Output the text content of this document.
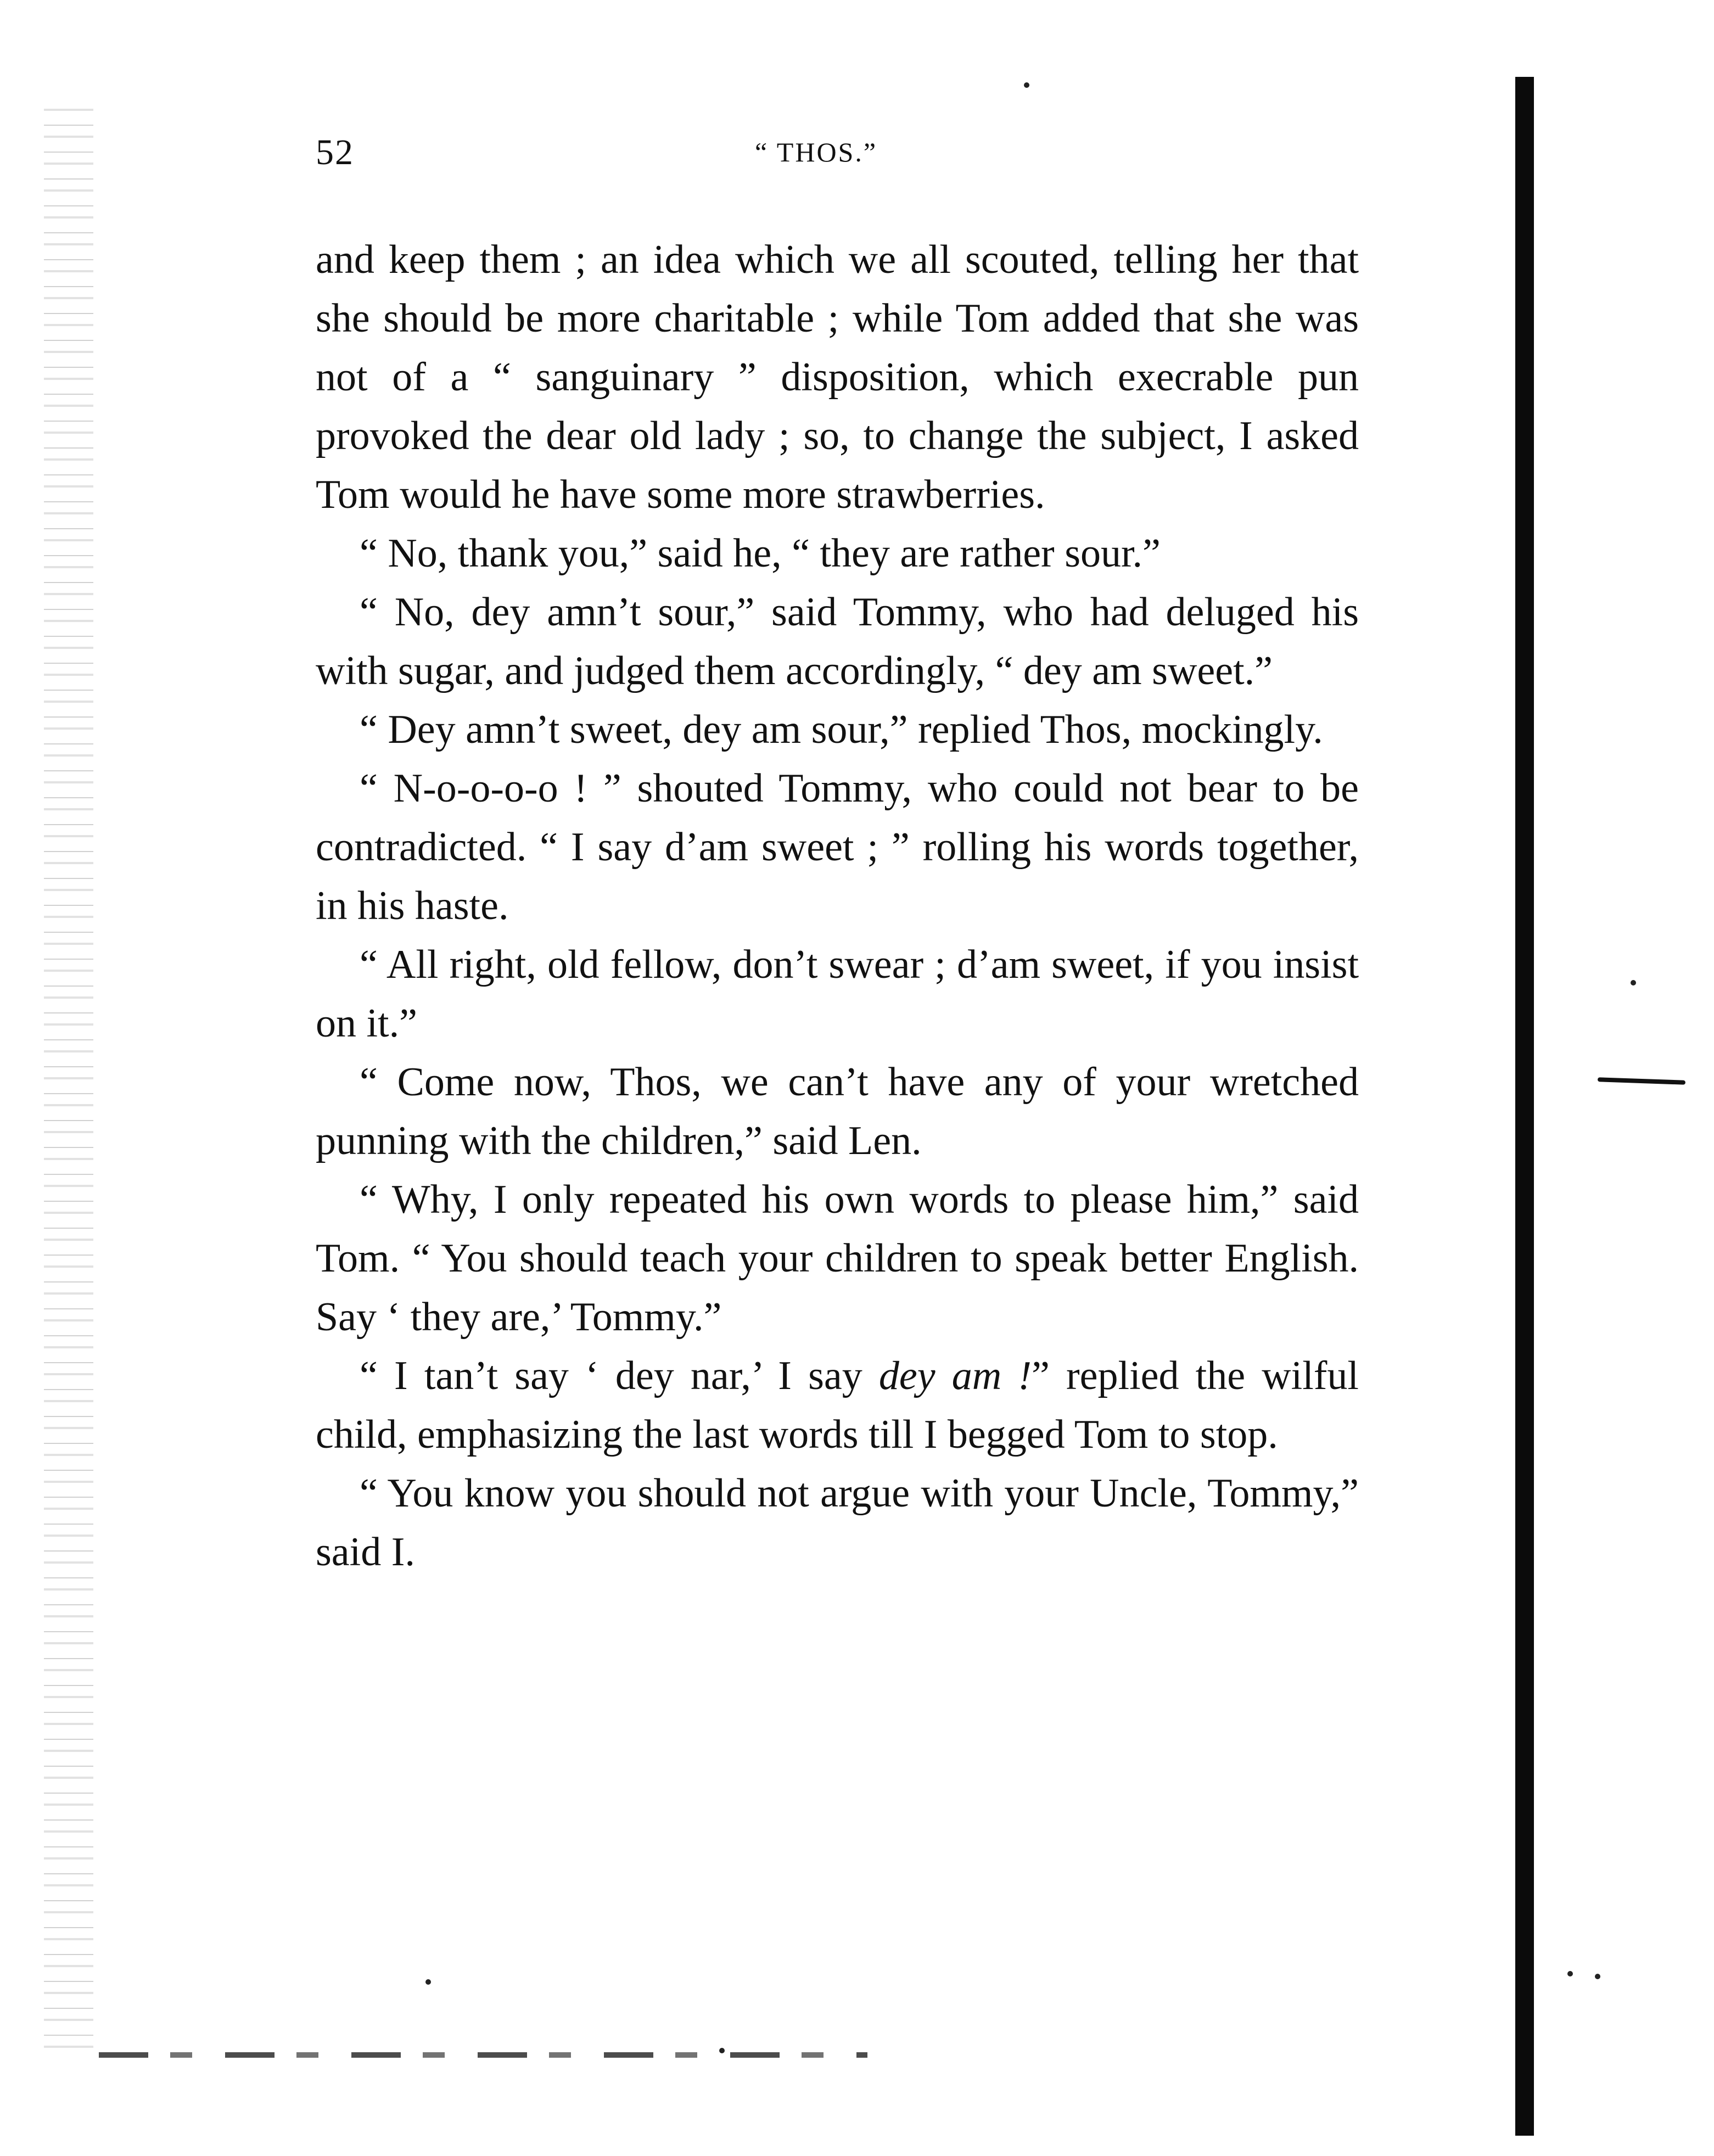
52	“ THOS.”

and keep them ; an idea which we all scouted, telling her that she should be more charitable ; while Tom added that she was not of a “ sanguinary ” disposition, which execrable pun provoked the dear old lady ; so, to change the subject, I asked Tom would he have some more strawberries.

“ No, thank you,” said he, “ they are rather sour.”

“ No, dey amn’t sour,” said Tommy, who had deluged his with sugar, and judged them accordingly, “ dey am sweet.”

“ Dey amn’t sweet, dey am sour,” replied Thos, mockingly.

“ N-o-o-o-o ! ” shouted Tommy, who could not bear to be contradicted. “ I say d’am sweet ; ” rolling his words together, in his haste.

“ All right, old fellow, don’t swear ; d’am sweet, if you insist on it.”

“ Come now, Thos, we can’t have any of your wretched punning with the children,” said Len.

“ Why, I only repeated his own words to please him,” said Tom. “ You should teach your children to speak better English. Say ‘ they are,’ Tommy.”

“ I tan’t say ‘ dey nar,’ I say dey am !” replied the wilful child, emphasizing the last words till I begged Tom to stop.

“ You know you should not argue with your Uncle, Tommy,” said I.
